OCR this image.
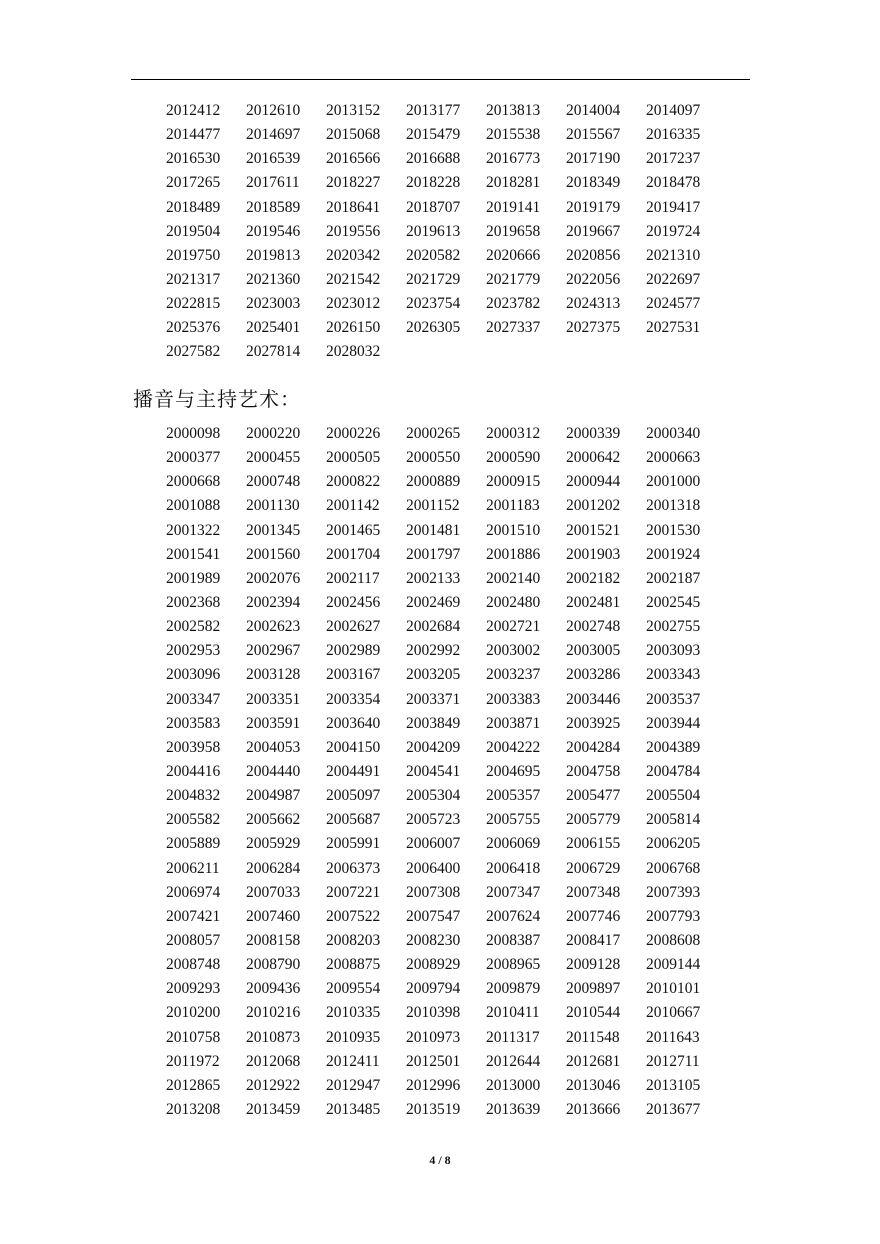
2012412	2012610	2013152	2013177	2013813	2014004	2014097
2014477	2014697	2015068	2015479	2015538	2015567	2016335
2016530	2016539	2016566	2016688	2016773	2017190	2017237
2017265	2017611	2018227	2018228	2018281	2018349	2018478
2018489	2018589	2018641	2018707	2019141	2019179	2019417
2019504	2019546	2019556	2019613	2019658	2019667	2019724
2019750	2019813	2020342	2020582	2020666	2020856	2021310
2021317	2021360	2021542	2021729	2021779	2022056	2022697
2022815	2023003	2023012	2023754	2023782	2024313	2024577
2025376	2025401	2026150	2026305	2027337	2027375	2027531
2027582	2027814	2028032
播音与主持艺术：
2000098	2000220	2000226	2000265	2000312	2000339	2000340
2000377	2000455	2000505	2000550	2000590	2000642	2000663
2000668	2000748	2000822	2000889	2000915	2000944	2001000
2001088	2001130	2001142	2001152	2001183	2001202	2001318
2001322	2001345	2001465	2001481	2001510	2001521	2001530
2001541	2001560	2001704	2001797	2001886	2001903	2001924
2001989	2002076	2002117	2002133	2002140	2002182	2002187
2002368	2002394	2002456	2002469	2002480	2002481	2002545
2002582	2002623	2002627	2002684	2002721	2002748	2002755
2002953	2002967	2002989	2002992	2003002	2003005	2003093
2003096	2003128	2003167	2003205	2003237	2003286	2003343
2003347	2003351	2003354	2003371	2003383	2003446	2003537
2003583	2003591	2003640	2003849	2003871	2003925	2003944
2003958	2004053	2004150	2004209	2004222	2004284	2004389
2004416	2004440	2004491	2004541	2004695	2004758	2004784
2004832	2004987	2005097	2005304	2005357	2005477	2005504
2005582	2005662	2005687	2005723	2005755	2005779	2005814
2005889	2005929	2005991	2006007	2006069	2006155	2006205
2006211	2006284	2006373	2006400	2006418	2006729	2006768
2006974	2007033	2007221	2007308	2007347	2007348	2007393
2007421	2007460	2007522	2007547	2007624	2007746	2007793
2008057	2008158	2008203	2008230	2008387	2008417	2008608
2008748	2008790	2008875	2008929	2008965	2009128	2009144
2009293	2009436	2009554	2009794	2009879	2009897	2010101
2010200	2010216	2010335	2010398	2010411	2010544	2010667
2010758	2010873	2010935	2010973	2011317	2011548	2011643
2011972	2012068	2012411	2012501	2012644	2012681	2012711
2012865	2012922	2012947	2012996	2013000	2013046	2013105
2013208	2013459	2013485	2013519	2013639	2013666	2013677
4 / 8
